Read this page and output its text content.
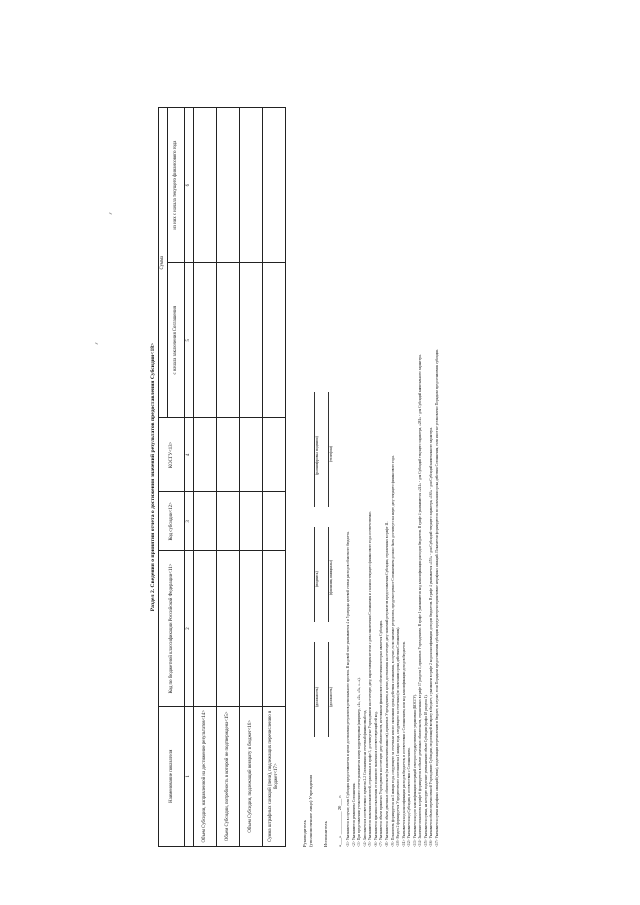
Раздел 2. Сведения о принятии отчета о достижении значений результатов предоставления Субсидии<18>
Наименование показателя	Код по бюджетной классификации Российской Федерации<11>	Код субсидии<12>	КОСГУ<13>	Сумма	
				с начала заключения Соглашения	из них с начала текущего финансового года
1	2	3	4	5	6
Объем Субсидии, направленной на достижение результатов<14>					
Объем Субсидии, потребность в которой не подтверждена<15>					
Объем Субсидии, подлежащий возврату в бюджет<16>					
Сумма штрафных санкций (пени), подлежащих перечислению в бюджет<17>					
Руководитель (уполномоченное лицо) Учреждения
(должность)
(подпись)
(расшифровка подписи)
Исполнитель
(должность)
(фамилия, инициалы)
(телефон)
«___» __________ 20___ г. <1> Указывается в случае, если Субсидия предоставляется в целях достижения результатов регионального проекта. В кодовой зоне указываются 4 и 5 разряды целевой статьи расходов областного бюджета. <2> Указываются реквизиты Соглашения. <3> При представлении уточненного отчета указывается номер корректировки (например, «1», «2», «3», «...»). <4> Заполняется в соответствии с пунктом 2.2 Соглашения на отчетный финансовый год. <5> Указываются значения показателей, отраженных в графе 3, достигнутые Учреждением на отчетную дату, нарастающим итогом с даты заключения Соглашения и с начала текущего финансового года соответственно. <6> Указывается причина отклонения от планового значения в соответствующий ей код. <7> Указывается объем принятых Учреждением на отчетную дату обязательств, источником финансового обеспечения которых является Субсидия. <8> Указывается объем денежных обязательств (за исключением авансов), принятых Учреждением, в целях достижения на отчетную дату значений результатов предоставления Субсидии, отраженных в графе 11. <9> Показатель формируется на 1 января года, следующего за отчетным или по окончании срока действия соглашения, в случае, если значение результата, предусмотренное Соглашением должно быть достигнуто на иную дату текущего финансового года. <10> Раздел 2 формируется Учредителем по состоянию на 1 января года, следующего за отчетным (по окончании срока действия Соглашения). <11> Указывается код классификации расходов бюджетов, в соответствии с Соглашением, или код классификации доходов бюджетов. <12> Указывается код Субсидии, в соответствии с Соглашением. <13> Указывается код по классификации операций сектора государственного управления (КОСГУ). <14> Значение показателя в графе 6 формируется в объеме денежных обязательств, отраженных в графе 17 раздела 1, принятых Учреждением. В графе 1 указываются код классификации расходов бюджетов. В графе 4 указываются «241» - для Субсидий текущего характера, «281» - для Субсидий капитального характера. <15> Указывается сумма, на которую подлежит уменьшению объем Субсидии (графа 18 раздела 1). <16> Указывается объем перечисленной Учреждению Субсидии, подлежащей возврату в бюджет, с указанием в графе 2 кода классификации доходов бюджетов. В графе 4 указывается «153» - для Субсидий текущего характера, «163» - для Субсидий капитального характера. <17> Указывается сумма штрафных санкций (пени), подлежащих перечислению в бюджет, в случае, если Порядком предоставления субсидии предусмотрено применение штрафных санкций. Показатели формируются по окончании срока действия Соглашения, если иное не установлено Порядком предоставления субсидии.
